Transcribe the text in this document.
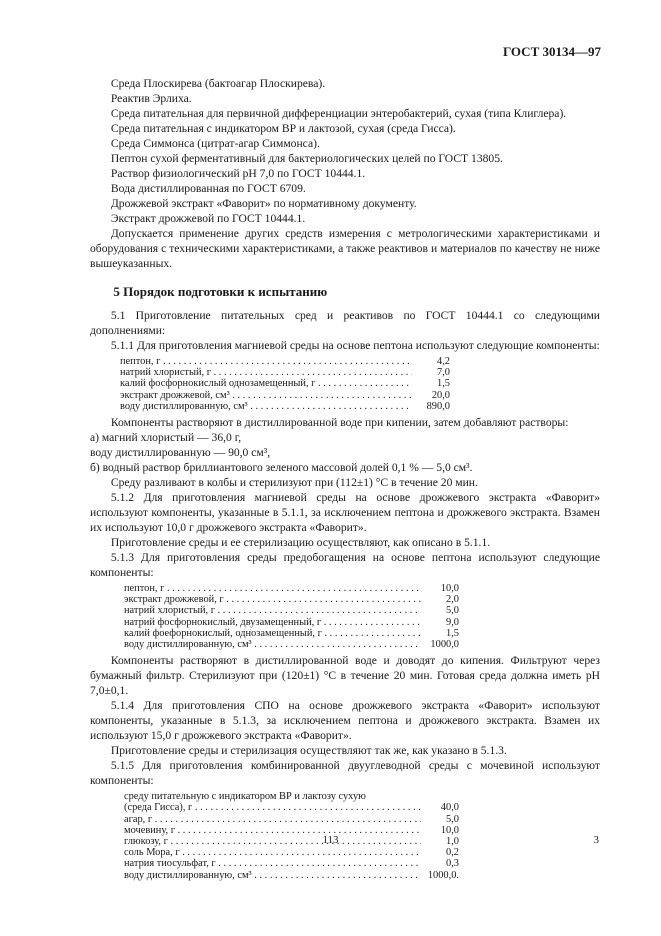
ГОСТ 30134—97

Среда Плоскирева (бактоагар Плоскирева).

Реактив Эрлиха.

Среда питательная для первичной дифференциации энтеробактерий, сухая (типа Клиглера).

Среда питательная с индикатором ВР и лактозой, сухая (среда Гисса).

Среда Симмонса (цитрат-агар Симмонса).

Пептон сухой ферментативный для бактериологических целей по ГОСТ 13805.

Раствор физиологический pH 7,0 по ГОСТ 10444.1.

Вода дистиллированная по ГОСТ 6709.

Дрожжевой экстракт «Фаворит» по нормативному документу.

Экстракт дрожжевой по ГОСТ 10444.1.

Допускается применение других средств измерения с метрологическими характеристиками и оборудования с техническими характеристиками, а также реактивов и материалов по качеству не ниже вышеуказанных.

5 Порядок подготовки к испытанию

5.1 Приготовление питательных сред и реактивов по ГОСТ 10444.1 со следующими дополнениями:

5.1.1 Для приготовления магниевой среды на основе пептона используют следующие компоненты:

пептон, г . . .	4,2
натрий хлористый, г . . .	7,0
калий фосфорнокислый однозамещенный, г . . .	1,5
экстракт дрожжевой, см³ . . .	20,0
воду дистиллированную, см³ . . .	890,0

Компоненты растворяют в дистиллированной воде при кипении, затем добавляют растворы:

а) магний хлористый — 36,0 г,

воду дистиллированную — 90,0 см³,

б) водный раствор бриллиантового зеленого массовой долей 0,1 % — 5,0 см³.

Среду разливают в колбы и стерилизуют при (112±1) °С в течение 20 мин.

5.1.2 Для приготовления магниевой среды на основе дрожжевого экстракта «Фаворит» используют компоненты, указанные в 5.1.1, за исключением пептона и дрожжевого экстракта. Взамен их используют 10,0 г дрожжевого экстракта «Фаворит».

Приготовление среды и ее стерилизацию осуществляют, как описано в 5.1.1.

5.1.3 Для приготовления среды предобогащения на основе пептона используют следующие компоненты:

пептон, г . . .	10,0
экстракт дрожжевой, г . . .	2,0
натрий хлористый, г . . .	5,0
натрий фосфорнокислый, двузамещенный, г . . .	9,0
калий фоефорнокислый, однозамещенный, г . . .	1,5
воду дистиллированную, см³ . . .	1000,0

Компоненты растворяют в дистиллированной воде и доводят до кипения. Фильтруют через бумажный фильтр. Стерилизуют при (120±1) °С в течение 20 мин. Готовая среда должна иметь pH 7,0±0,1.

5.1.4 Для приготовления СПО на основе дрожжевого экстракта «Фаворит» используют компоненты, указанные в 5.1.3, за исключением пептона и дрожжевого экстракта. Взамен их используют 15,0 г дрожжевого экстракта «Фаворит».

Приготовление среды и стерилизация осуществляют так же, как указано в 5.1.3.

5.1.5 Для приготовления комбинированной двууглеводной среды с мочевиной используют компоненты:

среду питательную с индикатором ВР и лактозу сухую
(среда Гисса), г . . .	40,0
агар, г . . .	5,0
мочевину, г . . .	10,0
глюкозу, г . . .	1,0
соль Мора, г . . .	0,2
натрия тиосульфат, г . . .	0,3
воду дистиллированную, см³ . . .	1000,0.
113	3
